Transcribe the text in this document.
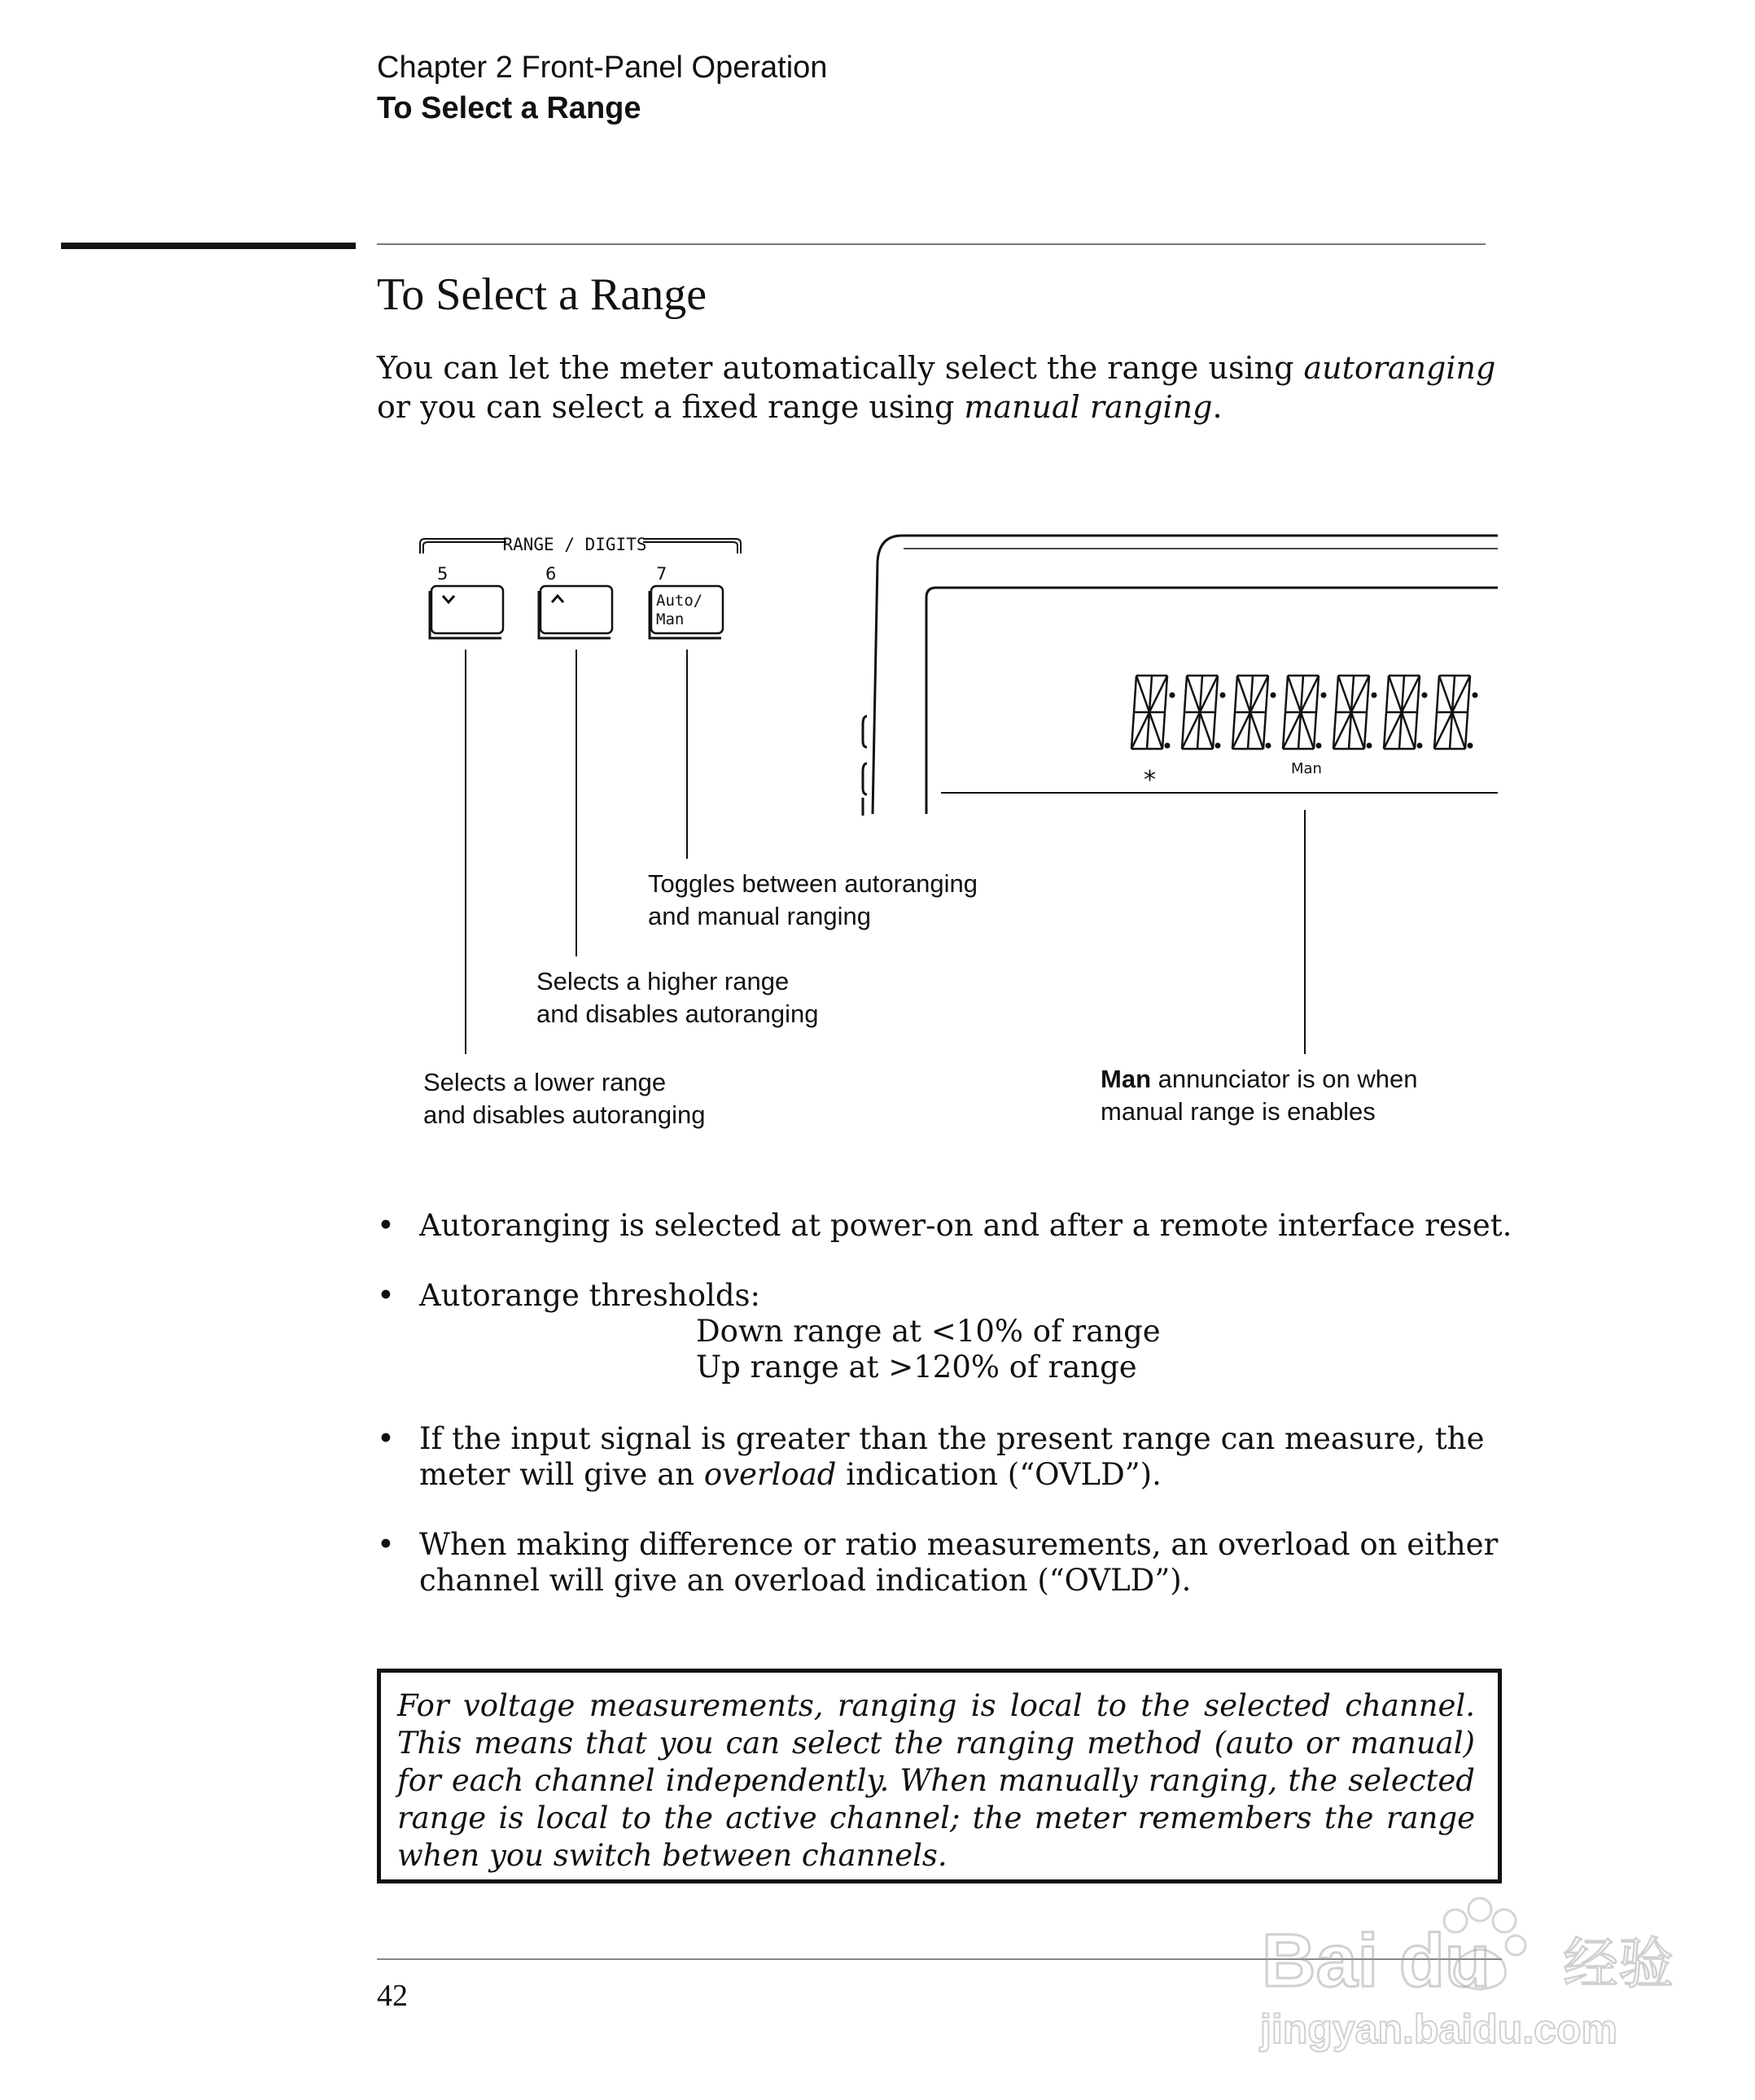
Chapter 2 Front-Panel Operation
To Select a Range
To Select a Range
You can let the meter automatically select the range using autoranging or you can select a fixed range using manual ranging.
RANGE / DIGITS
5	6	7
Auto/
Man
*	Man
Toggles between autoranging
and manual ranging
Selects a higher range
and disables autoranging
Selects a lower range
and disables autoranging
Man annunciator is on when
manual range is enables
• Autoranging is selected at power-on and after a remote interface reset.
• Autorange thresholds:
Down range at <10% of range
Up range at >120% of range
• If the input signal is greater than the present range can measure, the meter will give an overload indication (“OVLD”).
• When making difference or ratio measurements, an overload on either channel will give an overload indication (“OVLD”).
For voltage measurements, ranging is local to the selected channel. This means that you can select the ranging method (auto or manual) for each channel independently. When manually ranging, the selected range is local to the active channel; the meter remembers the range when you switch between channels.
42	Bai du 经验
jingyan.baidu.com
